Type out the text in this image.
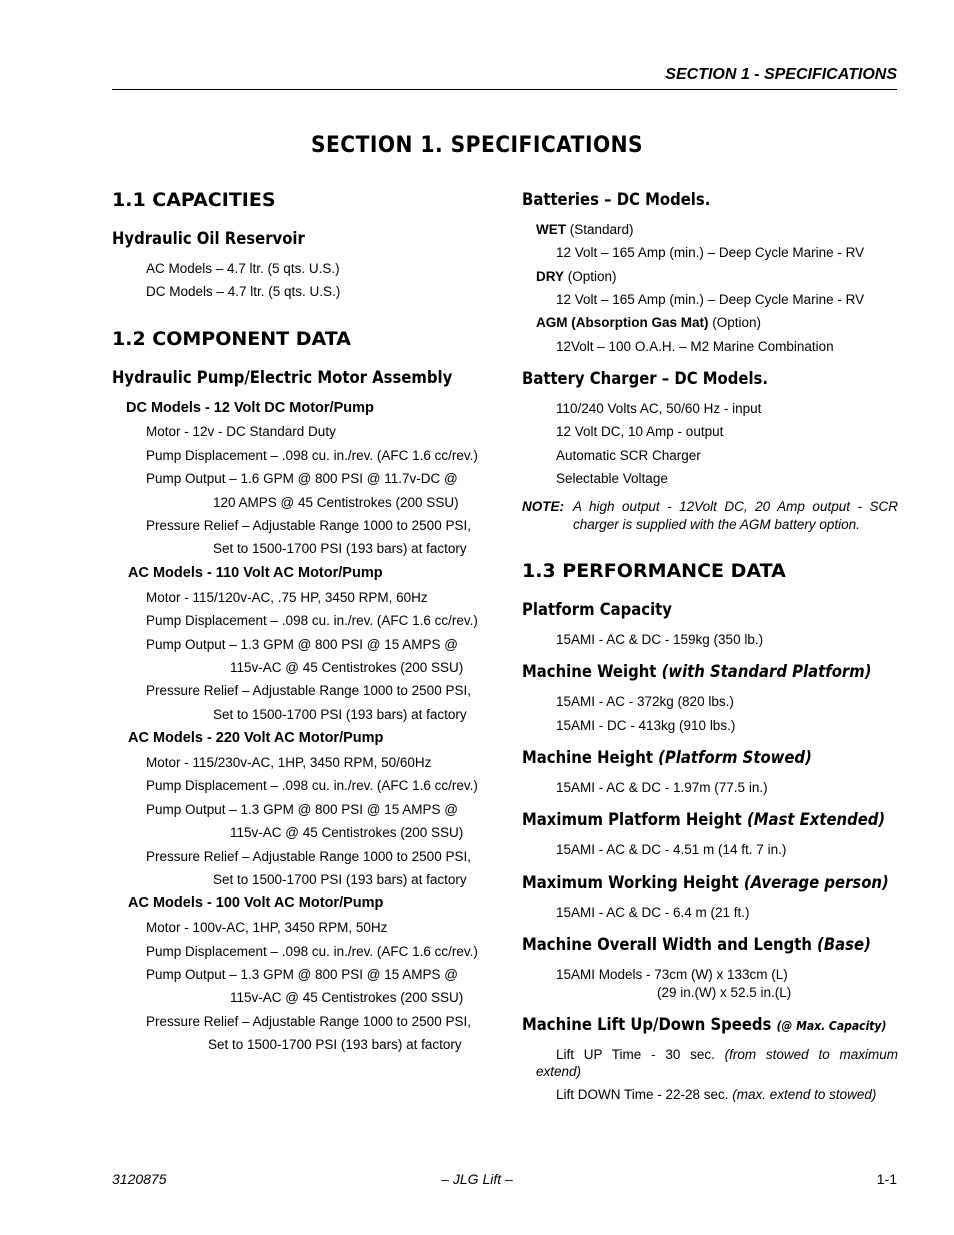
SECTION 1 - SPECIFICATIONS
SECTION 1. SPECIFICATIONS
1.1 CAPACITIES
Hydraulic Oil Reservoir
AC Models – 4.7 ltr. (5 qts. U.S.)
DC Models – 4.7 ltr. (5 qts. U.S.)
1.2 COMPONENT DATA
Hydraulic Pump/Electric Motor Assembly
DC Models - 12 Volt DC Motor/Pump
Motor - 12v - DC Standard Duty
Pump Displacement – .098 cu. in./rev. (AFC 1.6 cc/rev.)
Pump Output – 1.6 GPM @ 800 PSI @ 11.7v-DC @
120 AMPS @ 45 Centistrokes (200 SSU)
Pressure Relief – Adjustable Range 1000 to 2500 PSI,
Set to 1500-1700 PSI (193 bars) at factory
AC Models - 110 Volt AC Motor/Pump
Motor - 115/120v-AC, .75 HP, 3450 RPM, 60Hz
Pump Displacement – .098 cu. in./rev. (AFC 1.6 cc/rev.)
Pump Output – 1.3 GPM @ 800 PSI @ 15 AMPS @
115v-AC @ 45 Centistrokes (200 SSU)
Pressure Relief – Adjustable Range 1000 to 2500 PSI,
Set to 1500-1700 PSI (193 bars) at factory
AC Models - 220 Volt AC Motor/Pump
Motor - 115/230v-AC, 1HP, 3450 RPM, 50/60Hz
Pump Displacement – .098 cu. in./rev. (AFC 1.6 cc/rev.)
Pump Output – 1.3 GPM @ 800 PSI @ 15 AMPS @
115v-AC @ 45 Centistrokes (200 SSU)
Pressure Relief – Adjustable Range 1000 to 2500 PSI,
Set to 1500-1700 PSI (193 bars) at factory
AC Models - 100 Volt AC Motor/Pump
Motor - 100v-AC, 1HP, 3450 RPM, 50Hz
Pump Displacement – .098 cu. in./rev. (AFC 1.6 cc/rev.)
Pump Output – 1.3 GPM @ 800 PSI @ 15 AMPS @
115v-AC @ 45 Centistrokes (200 SSU)
Pressure Relief – Adjustable Range 1000 to 2500 PSI,
Set to 1500-1700 PSI (193 bars) at factory
Batteries – DC Models.
WET (Standard)
12 Volt – 165 Amp (min.) – Deep Cycle Marine - RV
DRY (Option)
12 Volt – 165 Amp (min.) – Deep Cycle Marine - RV
AGM (Absorption Gas Mat) (Option)
12Volt – 100 O.A.H. – M2 Marine Combination
Battery Charger – DC Models.
110/240 Volts AC, 50/60 Hz - input
12 Volt DC, 10 Amp - output
Automatic SCR Charger
Selectable Voltage
NOTE: A high output - 12Volt DC, 20 Amp output - SCR
charger is supplied with the AGM battery option.
1.3 PERFORMANCE DATA
Platform Capacity
15AMI - AC & DC - 159kg (350 lb.)
Machine Weight (with Standard Platform)
15AMI - AC - 372kg (820 lbs.)
15AMI - DC - 413kg (910 lbs.)
Machine Height (Platform Stowed)
15AMI - AC & DC - 1.97m (77.5 in.)
Maximum Platform Height (Mast Extended)
15AMI - AC & DC - 4.51 m (14 ft. 7 in.)
Maximum Working Height (Average person)
15AMI - AC & DC - 6.4 m (21 ft.)
Machine Overall Width and Length (Base)
15AMI Models - 73cm (W) x 133cm (L)
(29 in.(W) x 52.5 in.(L)
Machine Lift Up/Down Speeds (@ Max. Capacity)
Lift UP Time - 30 sec. (from stowed to maximum
extend)
Lift DOWN Time - 22-28 sec. (max. extend to stowed)
3120875	– JLG Lift –	1-1
